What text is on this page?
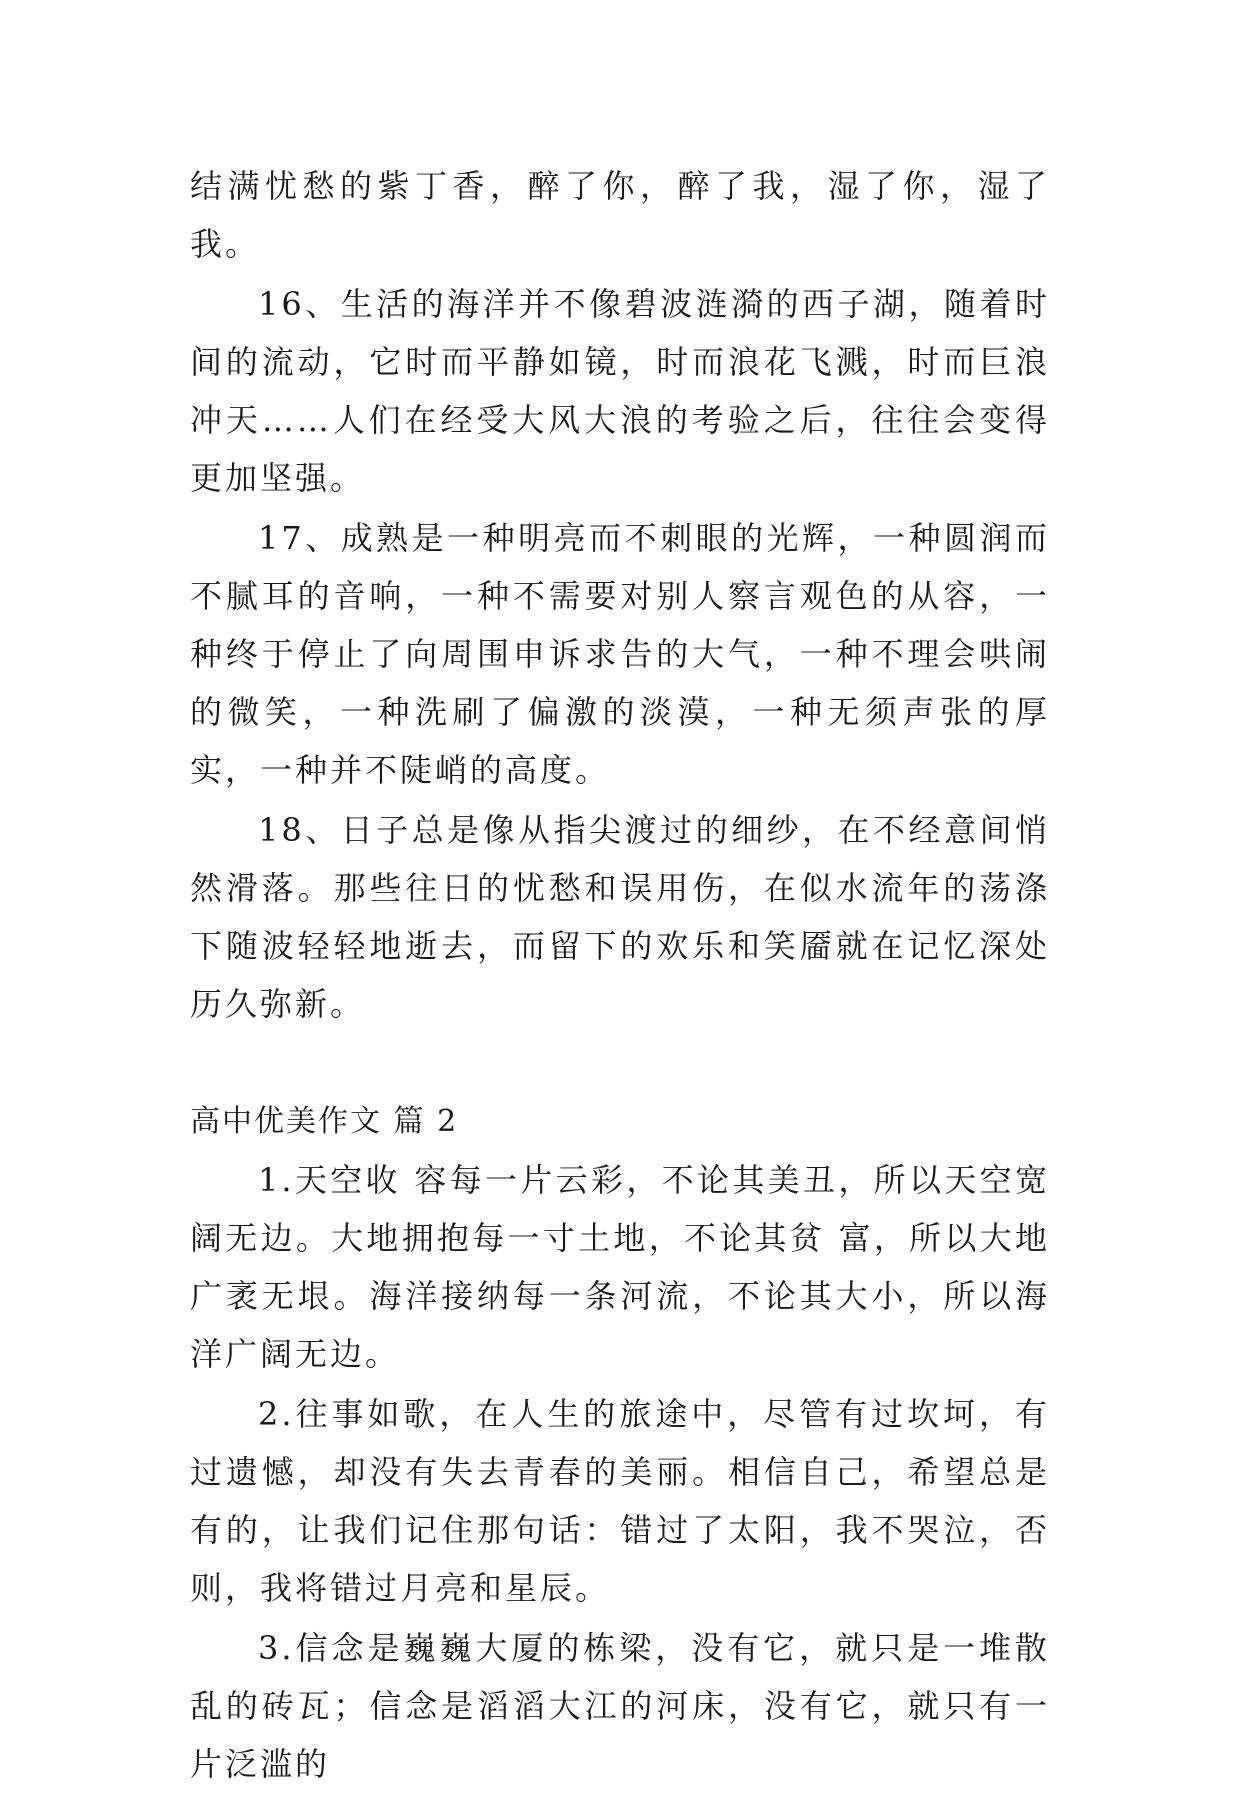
结满忧愁的紫丁香，醉了你，醉了我，湿了你，湿了我。

16、生活的海洋并不像碧波涟漪的西子湖，随着时间的流动，它时而平静如镜，时而浪花飞溅，时而巨浪冲天……人们在经受大风大浪的考验之后，往往会变得更加坚强。

17、成熟是一种明亮而不刺眼的光辉，一种圆润而不腻耳的音响，一种不需要对别人察言观色的从容，一种终于停止了向周围申诉求告的大气，一种不理会哄闹的微笑，一种洗刷了偏激的淡漠，一种无须声张的厚实，一种并不陡峭的高度。

18、日子总是像从指尖渡过的细纱，在不经意间悄然滑落。那些往日的忧愁和误用伤，在似水流年的荡涤下随波轻轻地逝去，而留下的欢乐和笑靥就在记忆深处历久弥新。

高中优美作文 篇 2

1.天空收 容每一片云彩，不论其美丑，所以天空宽阔无边。大地拥抱每一寸土地，不论其贫 富，所以大地广袤无垠。海洋接纳每一条河流，不论其大小，所以海洋广阔无边。

2.往事如歌，在人生的旅途中，尽管有过坎坷，有过遗憾，却没有失去青春的美丽。相信自己，希望总是有的，让我们记住那句话：错过了太阳，我不哭泣，否则，我将错过月亮和星辰。

3.信念是巍巍大厦的栋梁，没有它，就只是一堆散乱的砖瓦；信念是滔滔大江的河床，没有它，就只有一片泛滥的
